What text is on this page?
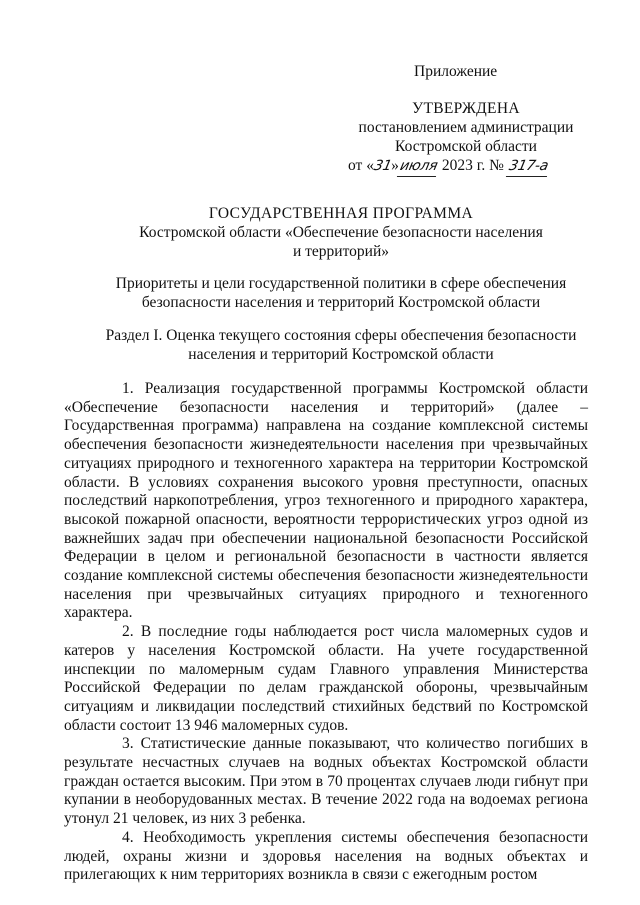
Приложение
УТВЕРЖДЕНА
постановлением администрации
Костромской области
от «31»июля 2023 г. № 317-а
ГОСУДАРСТВЕННАЯ ПРОГРАММА
Костромской области «Обеспечение безопасности населения
и территорий»
Приоритеты и цели государственной политики в сфере обеспечения
безопасности населения и территорий Костромской области
Раздел I. Оценка текущего состояния сферы обеспечения безопасности
населения и территорий Костромской области

1. Реализация государственной программы Костромской области «Обеспечение безопасности населения и территорий» (далее – Государственная программа) направлена на создание комплексной системы обеспечения безопасности жизнедеятельности населения при чрезвычайных ситуациях природного и техногенного характера на территории Костромской области. В условиях сохранения высокого уровня преступности, опасных последствий наркопотребления, угроз техногенного и природного характера, высокой пожарной опасности, вероятности террористических угроз одной из важнейших задач при обеспечении национальной безопасности Российской Федерации в целом и региональной безопасности в частности является создание комплексной системы обеспечения безопасности жизнедеятельности населения при чрезвычайных ситуациях природного и техногенного характера.

2. В последние годы наблюдается рост числа маломерных судов и катеров у населения Костромской области. На учете государственной инспекции по маломерным судам Главного управления Министерства Российской Федерации по делам гражданской обороны, чрезвычайным ситуациям и ликвидации последствий стихийных бедствий по Костромской области состоит 13 946 маломерных судов.

3. Статистические данные показывают, что количество погибших в результате несчастных случаев на водных объектах Костромской области граждан остается высоким. При этом в 70 процентах случаев люди гибнут при купании в необорудованных местах. В течение 2022 года на водоемах региона утонул 21 человек, из них 3 ребенка.

4. Необходимость укрепления системы обеспечения безопасности людей, охраны жизни и здоровья населения на водных объектах и прилегающих к ним территориях возникла в связи с ежегодным ростом
